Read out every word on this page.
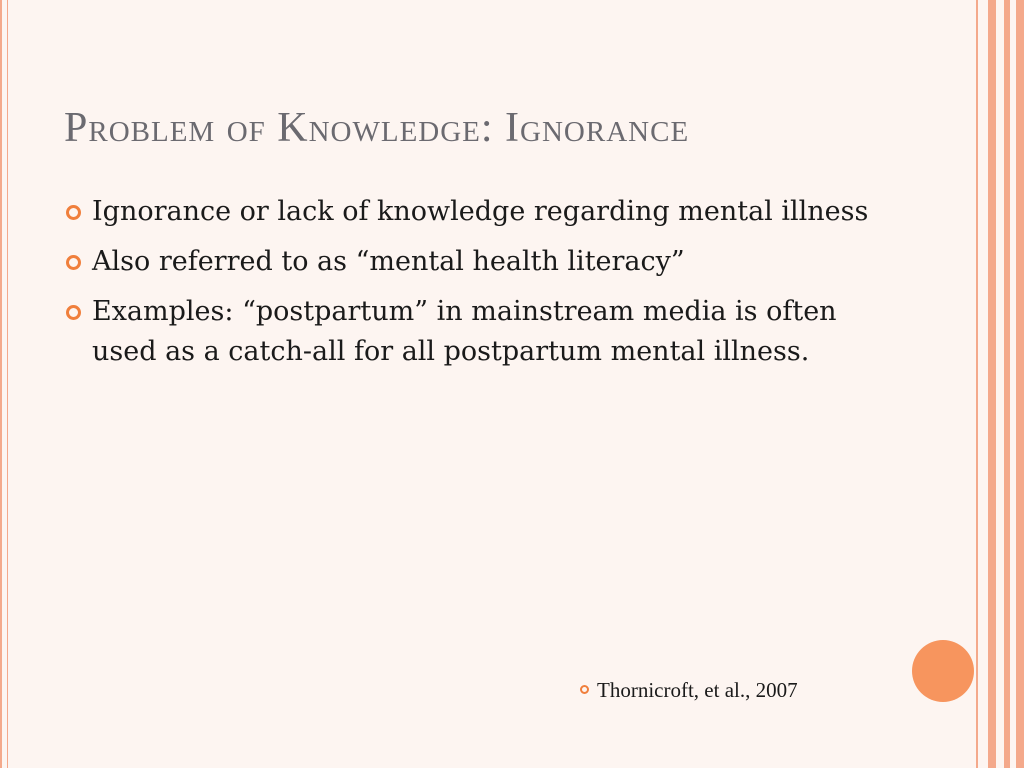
Problem of Knowledge: Ignorance
Ignorance or lack of knowledge regarding mental illness
Also referred to as “mental health literacy”
Examples: “postpartum” in mainstream media is often used as a catch-all for all postpartum mental illness.
Thornicroft, et al., 2007
